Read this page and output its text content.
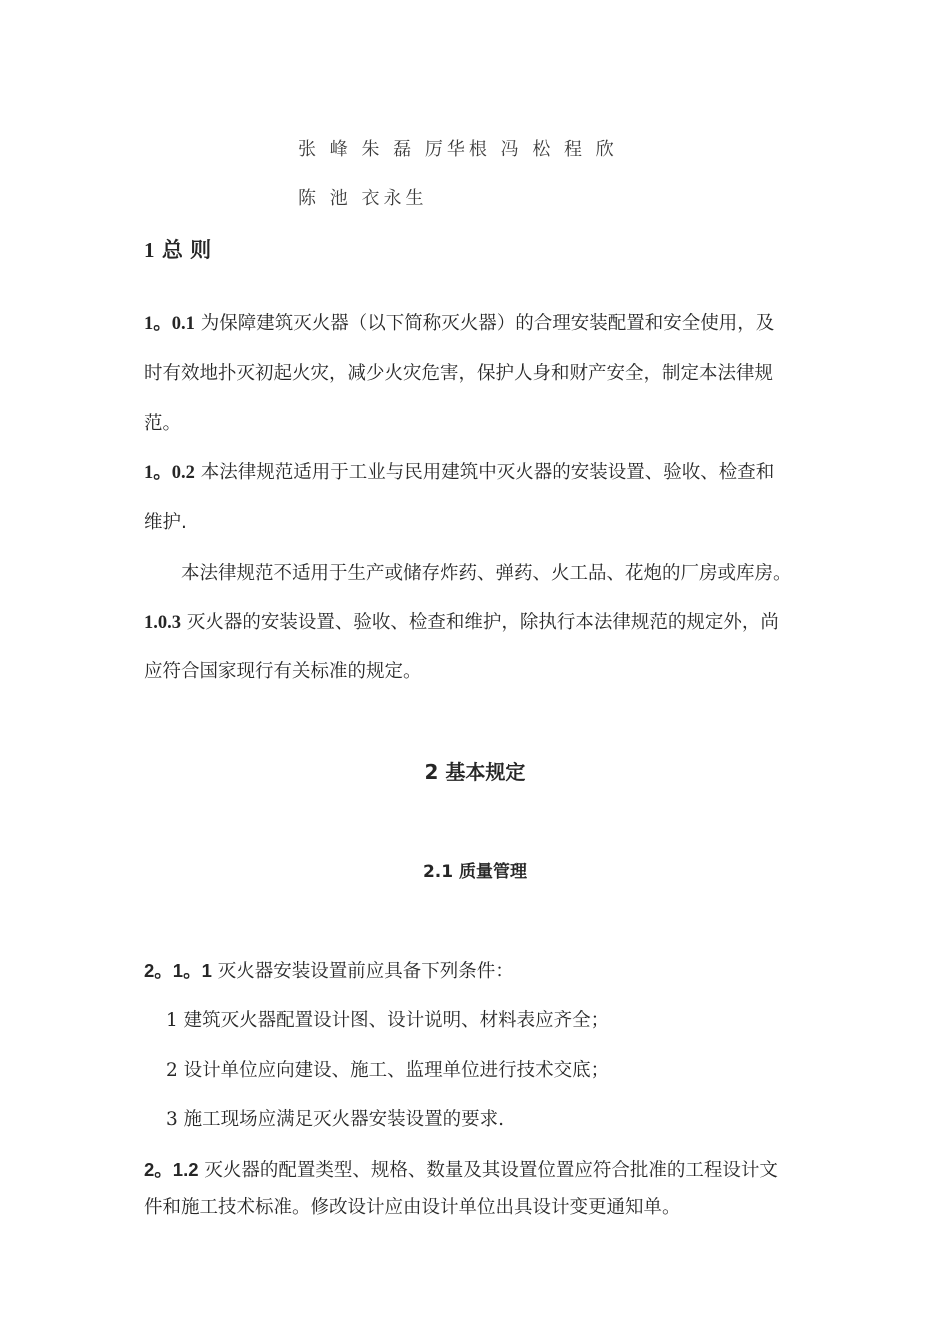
张 峰 朱 磊 厉华根 冯 松 程 欣
陈 池 衣永生
1 总 则
1。0.1 为保障建筑灭火器（以下简称灭火器）的合理安装配置和安全使用，及
时有效地扑灭初起火灾，减少火灾危害，保护人身和财产安全，制定本法律规
范。
1。0.2 本法律规范适用于工业与民用建筑中灭火器的安装设置、验收、检查和
维护.
本法律规范不适用于生产或储存炸药、弹药、火工品、花炮的厂房或库房。
1.0.3 灭火器的安装设置、验收、检查和维护，除执行本法律规范的规定外，尚
应符合国家现行有关标准的规定。
2 基本规定
2.1 质量管理
2。1。1 灭火器安装设置前应具备下列条件：
1 建筑灭火器配置设计图、设计说明、材料表应齐全；
2 设计单位应向建设、施工、监理单位进行技术交底；
3 施工现场应满足灭火器安装设置的要求.
2。1.2 灭火器的配置类型、规格、数量及其设置位置应符合批准的工程设计文
件和施工技术标准。修改设计应由设计单位出具设计变更通知单。
